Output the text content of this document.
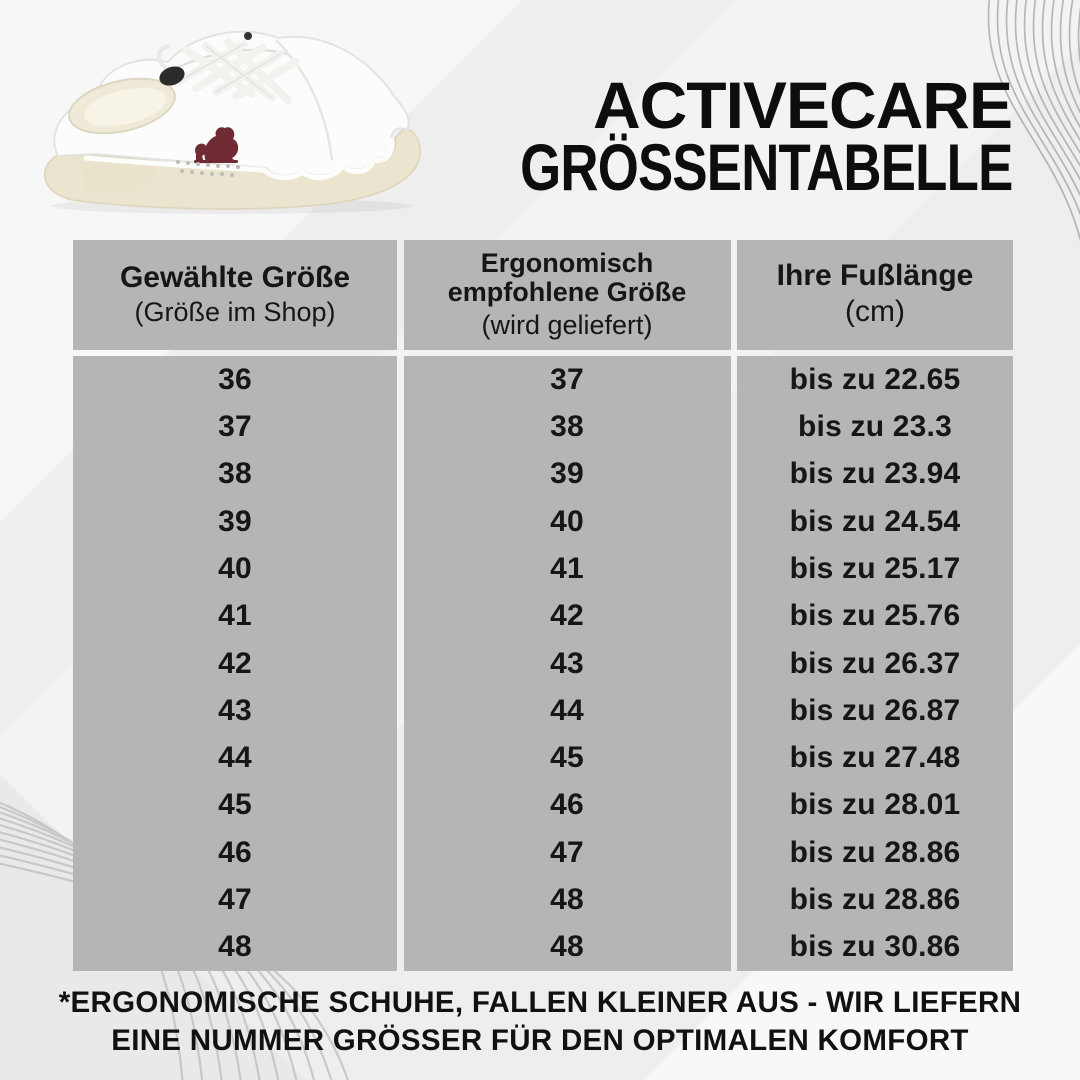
ACTIVECARE
GRÖSSENTABELLE
Gewählte Größe
(Größe im Shop)
Ergonomisch empfohlene Größe
(wird geliefert)
Ihre Fußlänge
(cm)
36
37
38
39
40
41
42
43
44
45
46
47
48
37
38
39
40
41
42
43
44
45
46
47
48
48
bis zu 22.65
bis zu 23.3
bis zu 23.94
bis zu 24.54
bis zu 25.17
bis zu 25.76
bis zu 26.37
bis zu 26.87
bis zu 27.48
bis zu 28.01
bis zu 28.86
bis zu 28.86
bis zu 30.86
*ERGONOMISCHE SCHUHE, FALLEN KLEINER AUS - WIR LIEFERN
EINE NUMMER GRÖSSER FÜR DEN OPTIMALEN KOMFORT
